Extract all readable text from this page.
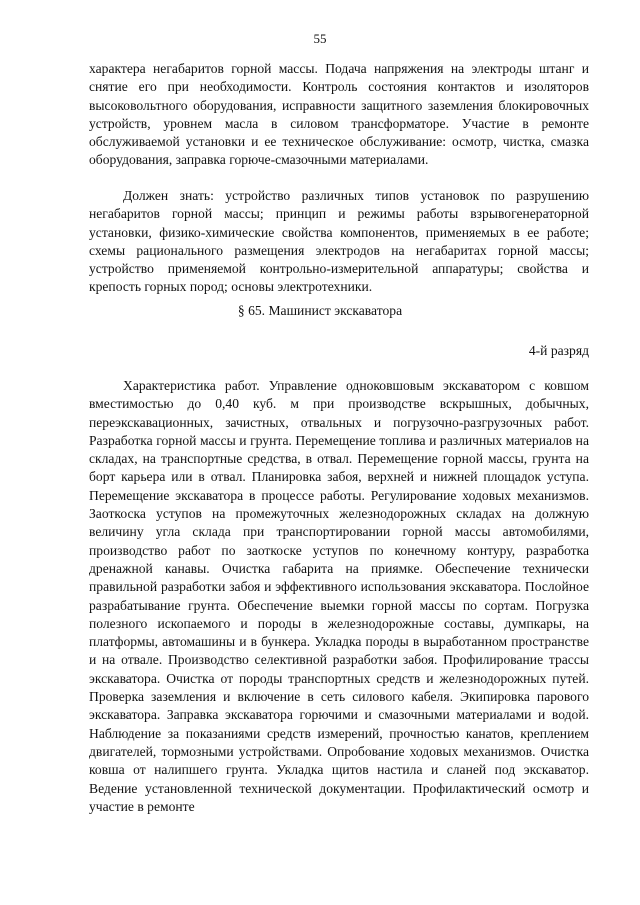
55

характера негабаритов горной массы. Подача напряжения на электроды штанг и снятие его при необходимости. Контроль состояния контактов и изоляторов высоковольтного оборудования, исправности защитного заземления блокировочных устройств, уровнем масла в силовом трансформаторе. Участие в ремонте обслуживаемой установки и ее техническое обслуживание: осмотр, чистка, смазка оборудования, заправка горюче-смазочными материалами.

Должен знать: устройство различных типов установок по разрушению негабаритов горной массы; принцип и режимы работы взрывогенераторной установки, физико-химические свойства компонентов, применяемых в ее работе; схемы рационального размещения электродов на негабаритах горной массы; устройство применяемой контрольно-измерительной аппаратуры; свойства и крепость горных пород; основы электротехники.

§ 65. Машинист экскаватора
4-й разряд

Характеристика работ. Управление одноковшовым экскаватором с ковшом вместимостью до 0,40 куб. м при производстве вскрышных, добычных, переэкскавационных, зачистных, отвальных и погрузочно-разгрузочных работ. Разработка горной массы и грунта. Перемещение топлива и различных материалов на складах, на транспортные средства, в отвал. Перемещение горной массы, грунта на борт карьера или в отвал. Планировка забоя, верхней и нижней площадок уступа. Перемещение экскаватора в процессе работы. Регулирование ходовых механизмов. Заоткоска уступов на промежуточных железнодорожных складах на должную величину угла склада при транспортировании горной массы автомобилями, производство работ по заоткоске уступов по конечному контуру, разработка дренажной канавы. Очистка габарита на приямке. Обеспечение технически правильной разработки забоя и эффективного использования экскаватора. Послойное разрабатывание грунта. Обеспечение выемки горной массы по сортам. Погрузка полезного ископаемого и породы в железнодорожные составы, думпкары, на платформы, автомашины и в бункера. Укладка породы в выработанном пространстве и на отвале. Производство селективной разработки забоя. Профилирование трассы экскаватора. Очистка от породы транспортных средств и железнодорожных путей. Проверка заземления и включение в сеть силового кабеля. Экипировка парового экскаватора. Заправка экскаватора горючими и смазочными материалами и водой. Наблюдение за показаниями средств измерений, прочностью канатов, креплением двигателей, тормозными устройствами. Опробование ходовых механизмов. Очистка ковша от налипшего грунта. Укладка щитов настила и сланей под экскаватор. Ведение установленной технической документации. Профилактический осмотр и участие в ремонте
